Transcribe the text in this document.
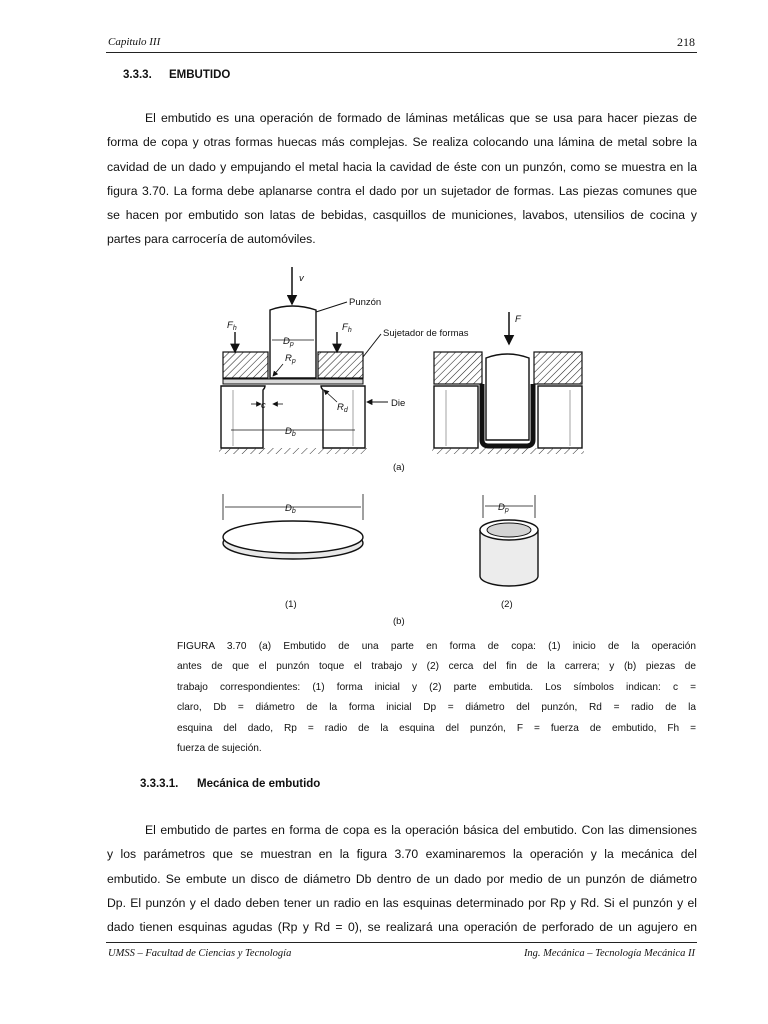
Capitulo III	218
3.3.3. EMBUTIDO
El embutido es una operación de formado de láminas metálicas que se usa para hacer piezas de
forma de copa y otras formas huecas más complejas. Se realiza colocando una lámina de metal sobre la
cavidad de un dado y empujando el metal hacia la cavidad de éste con un punzón, como se muestra en la
figura 3.70. La forma debe aplanarse contra el dado por un sujetador de formas. Las piezas comunes que
se hacen por embutido son latas de bebidas, casquillos de municiones, lavabos, utensilios de cocina y
partes para carrocería de automóviles.
v
Punzón
$F_h$	$F_h$
$D_p$
$R_p$
Sujetador de formas
c	$R_d$
Die
$D_b$
F
(a)
$D_b$
(1)
$D_p$
(2)
(b)
FIGURA 3.70 (a) Embutido de una parte en forma de copa: (1) inicio de la operación
antes de que el punzón toque el trabajo y (2) cerca del fin de la carrera; y (b) piezas de
trabajo correspondientes: (1) forma inicial y (2) parte embutida. Los símbolos indican: c =
claro, Db = diámetro de la forma inicial Dp = diámetro del punzón, Rd = radio de la
esquina del dado, Rp = radio de la esquina del punzón, F = fuerza de embutido, Fh =
fuerza de sujeción.
3.3.3.1. Mecánica de embutido
El embutido de partes en forma de copa es la operación básica del embutido. Con las dimensiones
y los parámetros que se muestran en la figura 3.70 examinaremos la operación y la mecánica del
embutido. Se embute un disco de diámetro Db dentro de un dado por medio de un punzón de diámetro
Dp. El punzón y el dado deben tener un radio en las esquinas determinado por Rp y Rd. Si el punzón y el
dado tienen esquinas agudas (Rp y Rd = 0), se realizará una operación de perforado de un agujero en
UMSS – Facultad de Ciencias y Tecnología	Ing. Mecánica – Tecnología Mecánica II
